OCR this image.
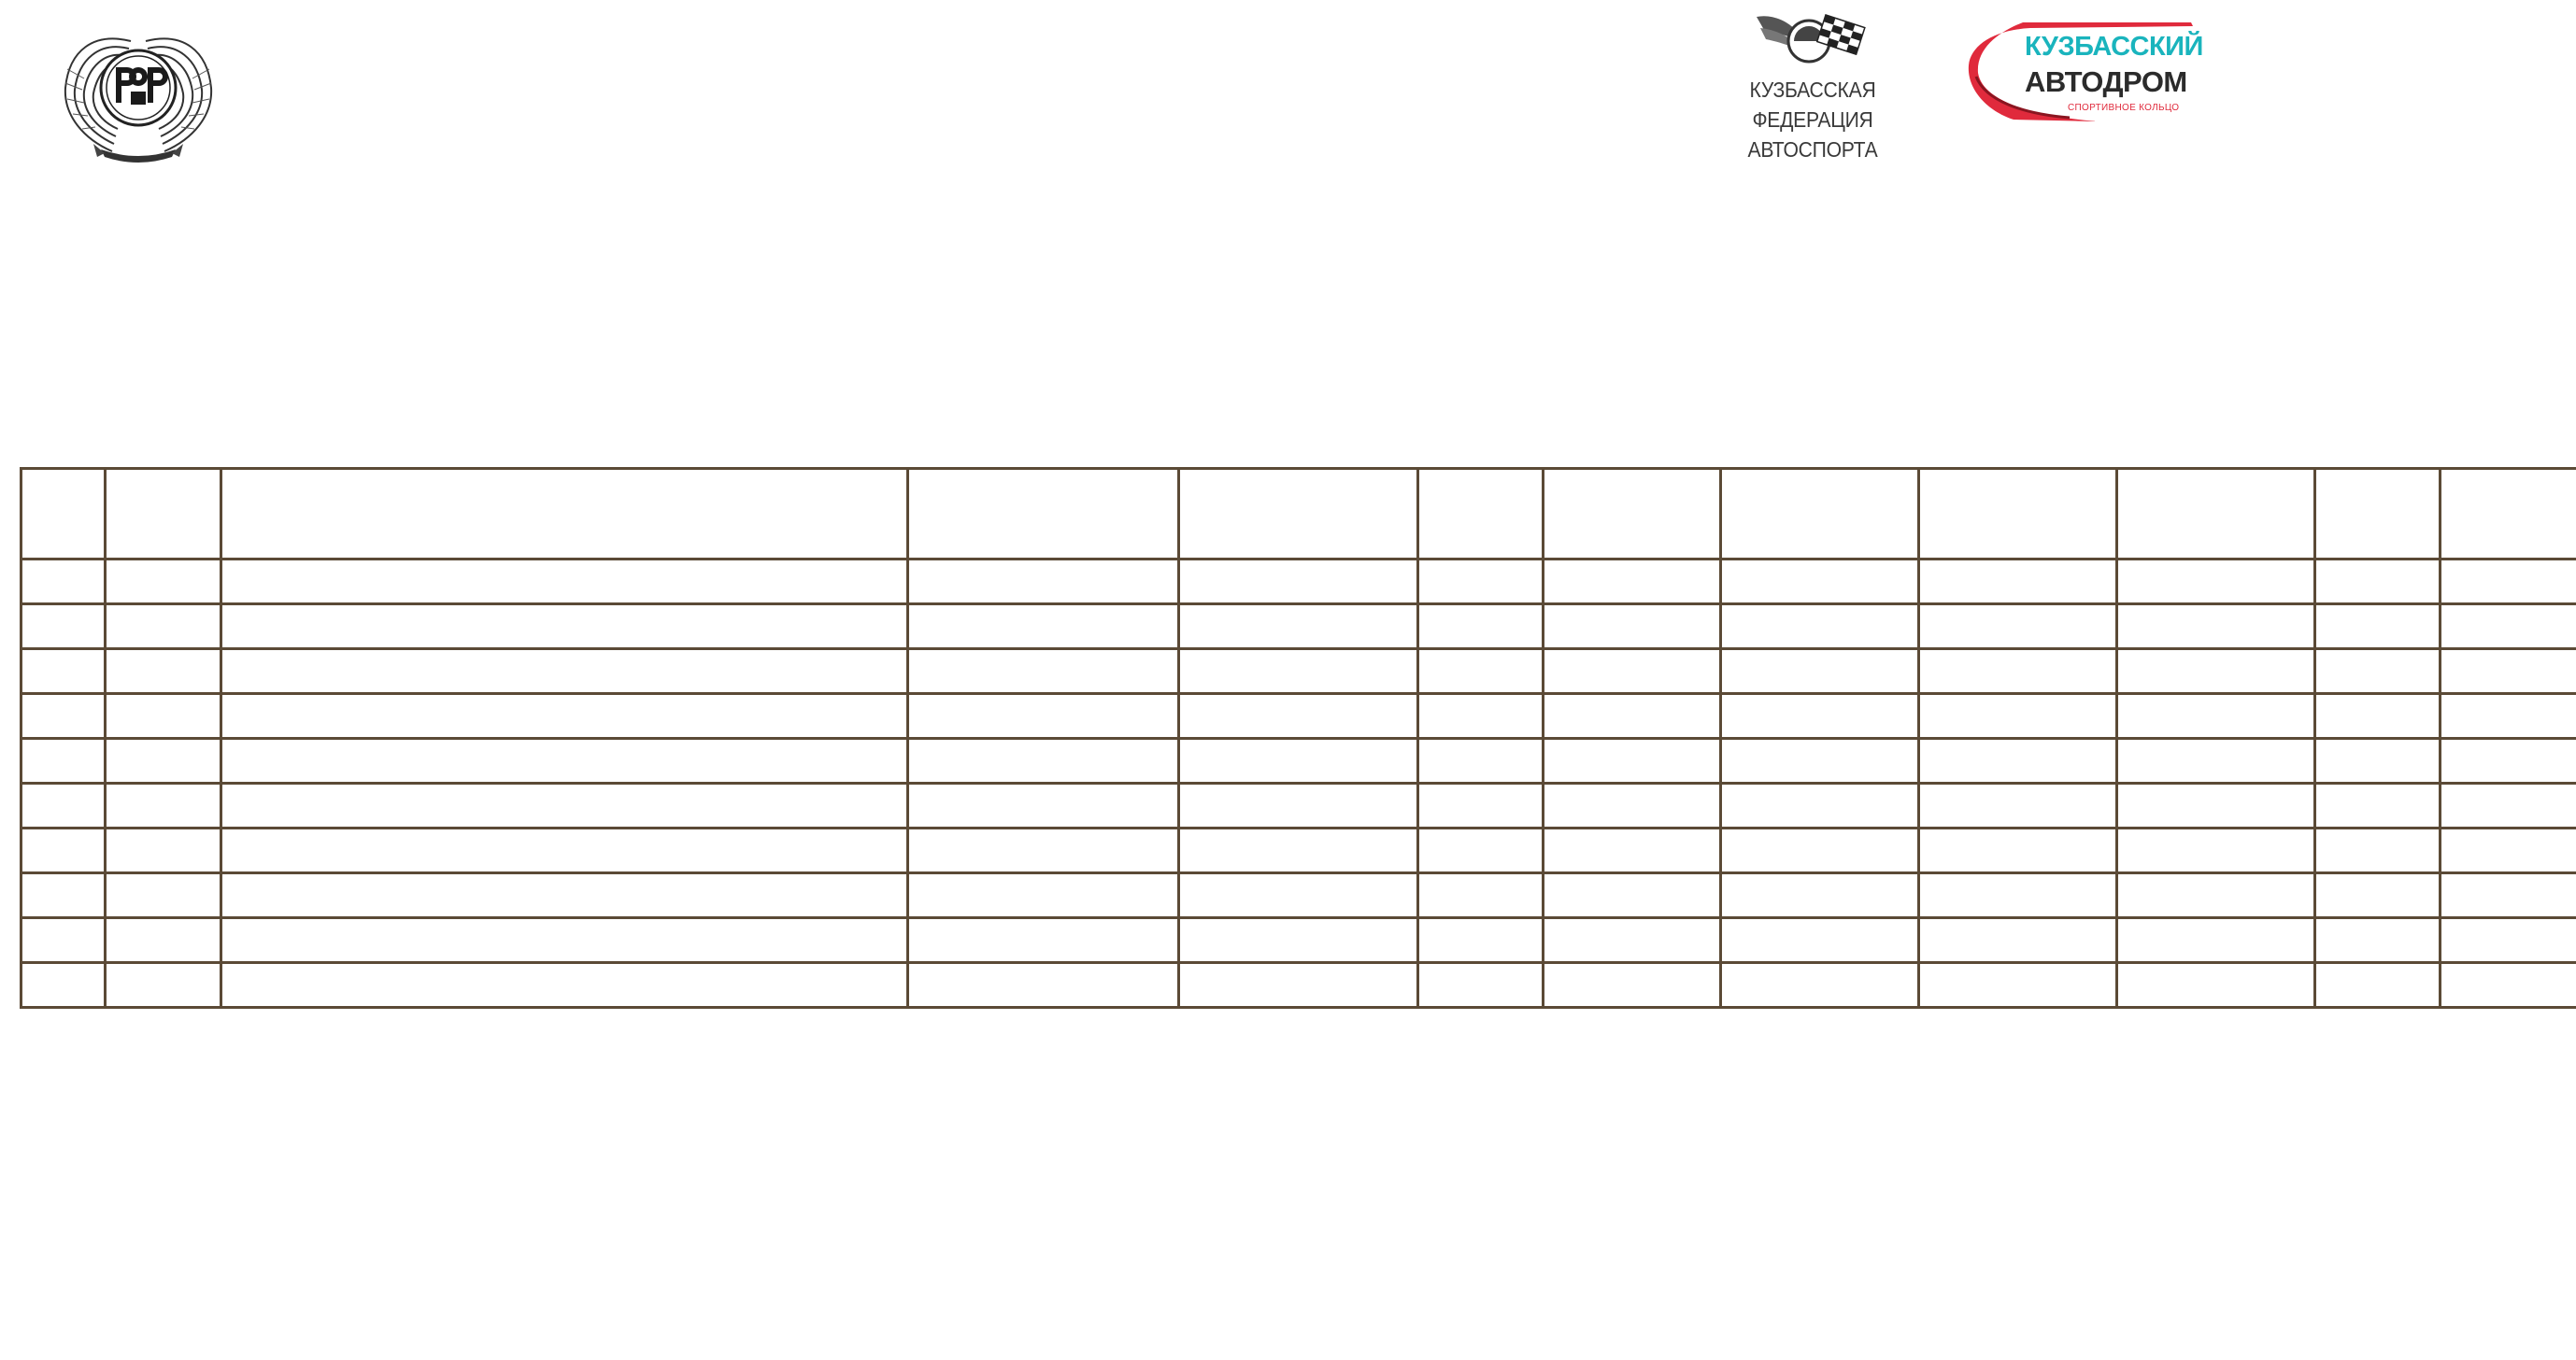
КУЗБАССКАЯ
ФЕДЕРАЦИЯ АВТОСПОРТА
КУЗБАССКИЙ
АВТОДРОМ
СПОРТИВНОЕ КОЛЬЦО
